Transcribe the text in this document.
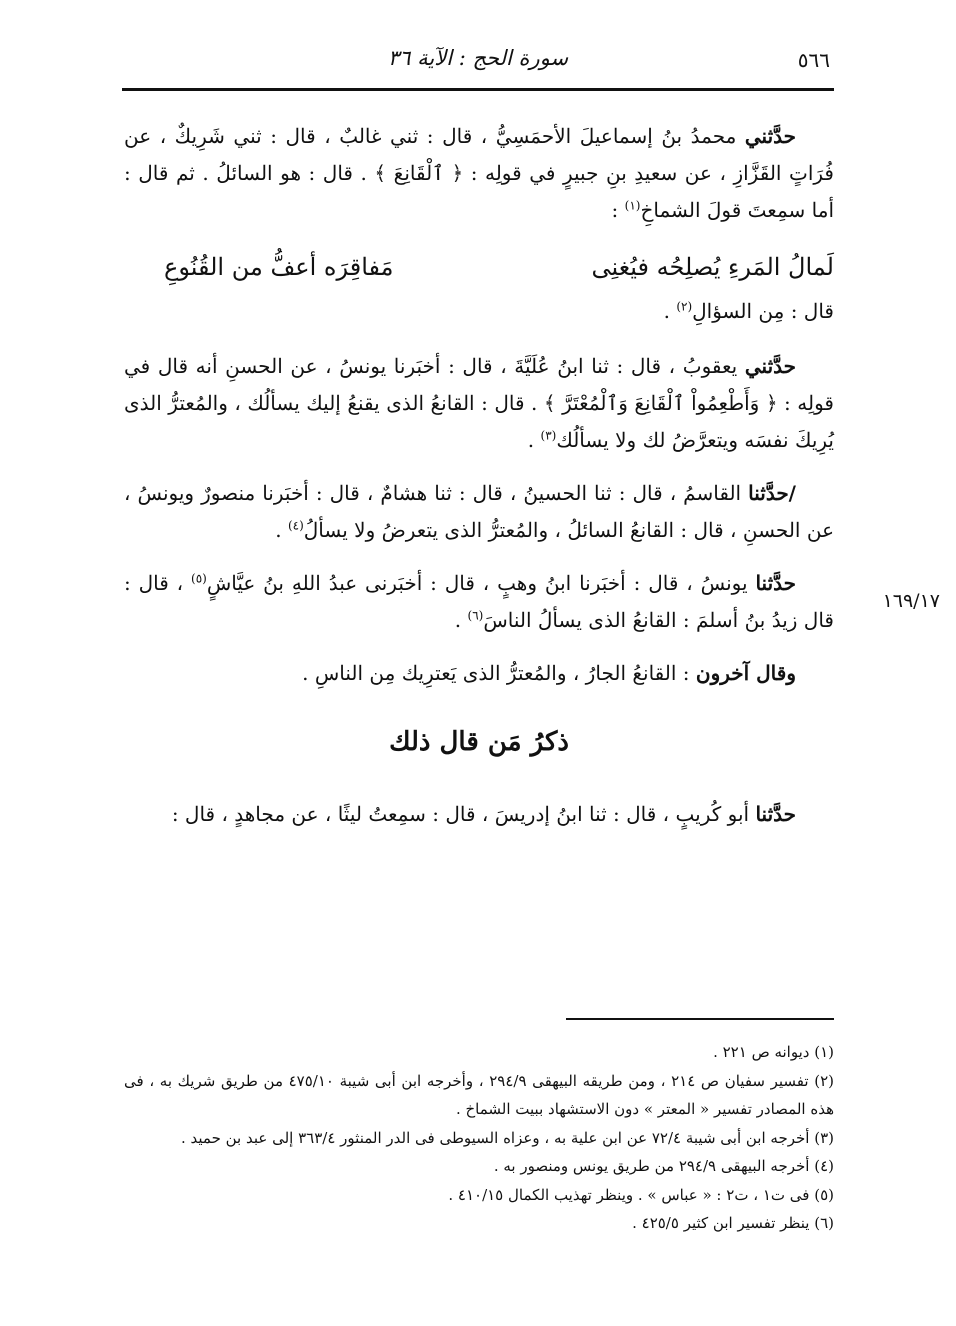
٥٦٦
سورة الحج : الآية ٣٦
١٦٩/١٧

حدَّثني محمدُ بنُ إسماعيلَ الأحمَسِيُّ ، قال : ثني غالبٌ ، قال : ثني شَرِيكٌ ، عن فُرَاتٍ القَزَّازِ ، عن سعيدِ بنِ جبيرٍ في قولِه : ﴿ ٱلْقَانِعَ ﴾ . قال : هو السائلُ . ثم قال : أما سمِعتَ قولَ الشماخِ$^{(١)}$ :

لَمالُ المَرءِ يُصلِحُه فيُغنِى
مَفاقِرَه أعفُّ من القُنُوعِ

قال : مِن السؤالِ$^{(٢)}$ .

حدَّثني يعقوبُ ، قال : ثنا ابنُ عُلَيَّةَ ، قال : أخبَرنا يونسُ ، عن الحسنِ أنه قال في قولِه : ﴿ وَأَطْعِمُواْ ٱلْقَانِعَ وَٱلْمُعْتَرَّ ﴾ . قال : القانعُ الذى يقنعُ إليك يسألُك ، والمُعترُّ الذى يُرِيكَ نفسَه ويتعرَّضُ لك ولا يسألُك$^{(٣)}$ .

/حدَّثنا القاسمُ ، قال : ثنا الحسينُ ، قال : ثنا هشامٌ ، قال : أخبَرنا منصورٌ ويونسُ ، عن الحسنِ ، قال : القانعُ السائلُ ، والمُعترُّ الذى يتعرضُ ولا يسألُ$^{(٤)}$ .

حدَّثنا يونسُ ، قال : أخبَرنا ابنُ وهبٍ ، قال : أخبَرنى عبدُ اللهِ بنُ عيَّاشٍ$^{(٥)}$ ، قال : قال زيدُ بنُ أسلمَ : القانعُ الذى يسألُ الناسَ$^{(٦)}$ .

وقال آخرون : القانعُ الجارُ ، والمُعترُّ الذى يَعترِيك مِن الناسِ .

ذكرُ مَن قال ذلك

حدَّثنا أبو كُريبٍ ، قال : ثنا ابنُ إدريسَ ، قال : سمِعتُ ليثًا ، عن مجاهدٍ ، قال :

(١) ديوانه ص ٢٢١ .

(٢) تفسير سفيان ص ٢١٤ ، ومن طريقه البيهقى ٢٩٤/٩ ، وأخرجه ابن أبى شيبة ٤٧٥/١٠ من طريق شريك به ، فى هذه المصادر تفسير « المعتر » دون الاستشهاد ببيت الشماخ .

(٣) أخرجه ابن أبى شيبة ٧٢/٤ عن ابن علية به ، وعزاه السيوطى فى الدر المنثور ٣٦٣/٤ إلى عبد بن حميد .

(٤) أخرجه البيهقى ٢٩٤/٩ من طريق يونس ومنصور به .

(٥) فى ت١ ، ت٢ : « عباس » . وينظر تهذيب الكمال ٤١٠/١٥ .

(٦) ينظر تفسير ابن كثير ٤٢٥/٥ .
